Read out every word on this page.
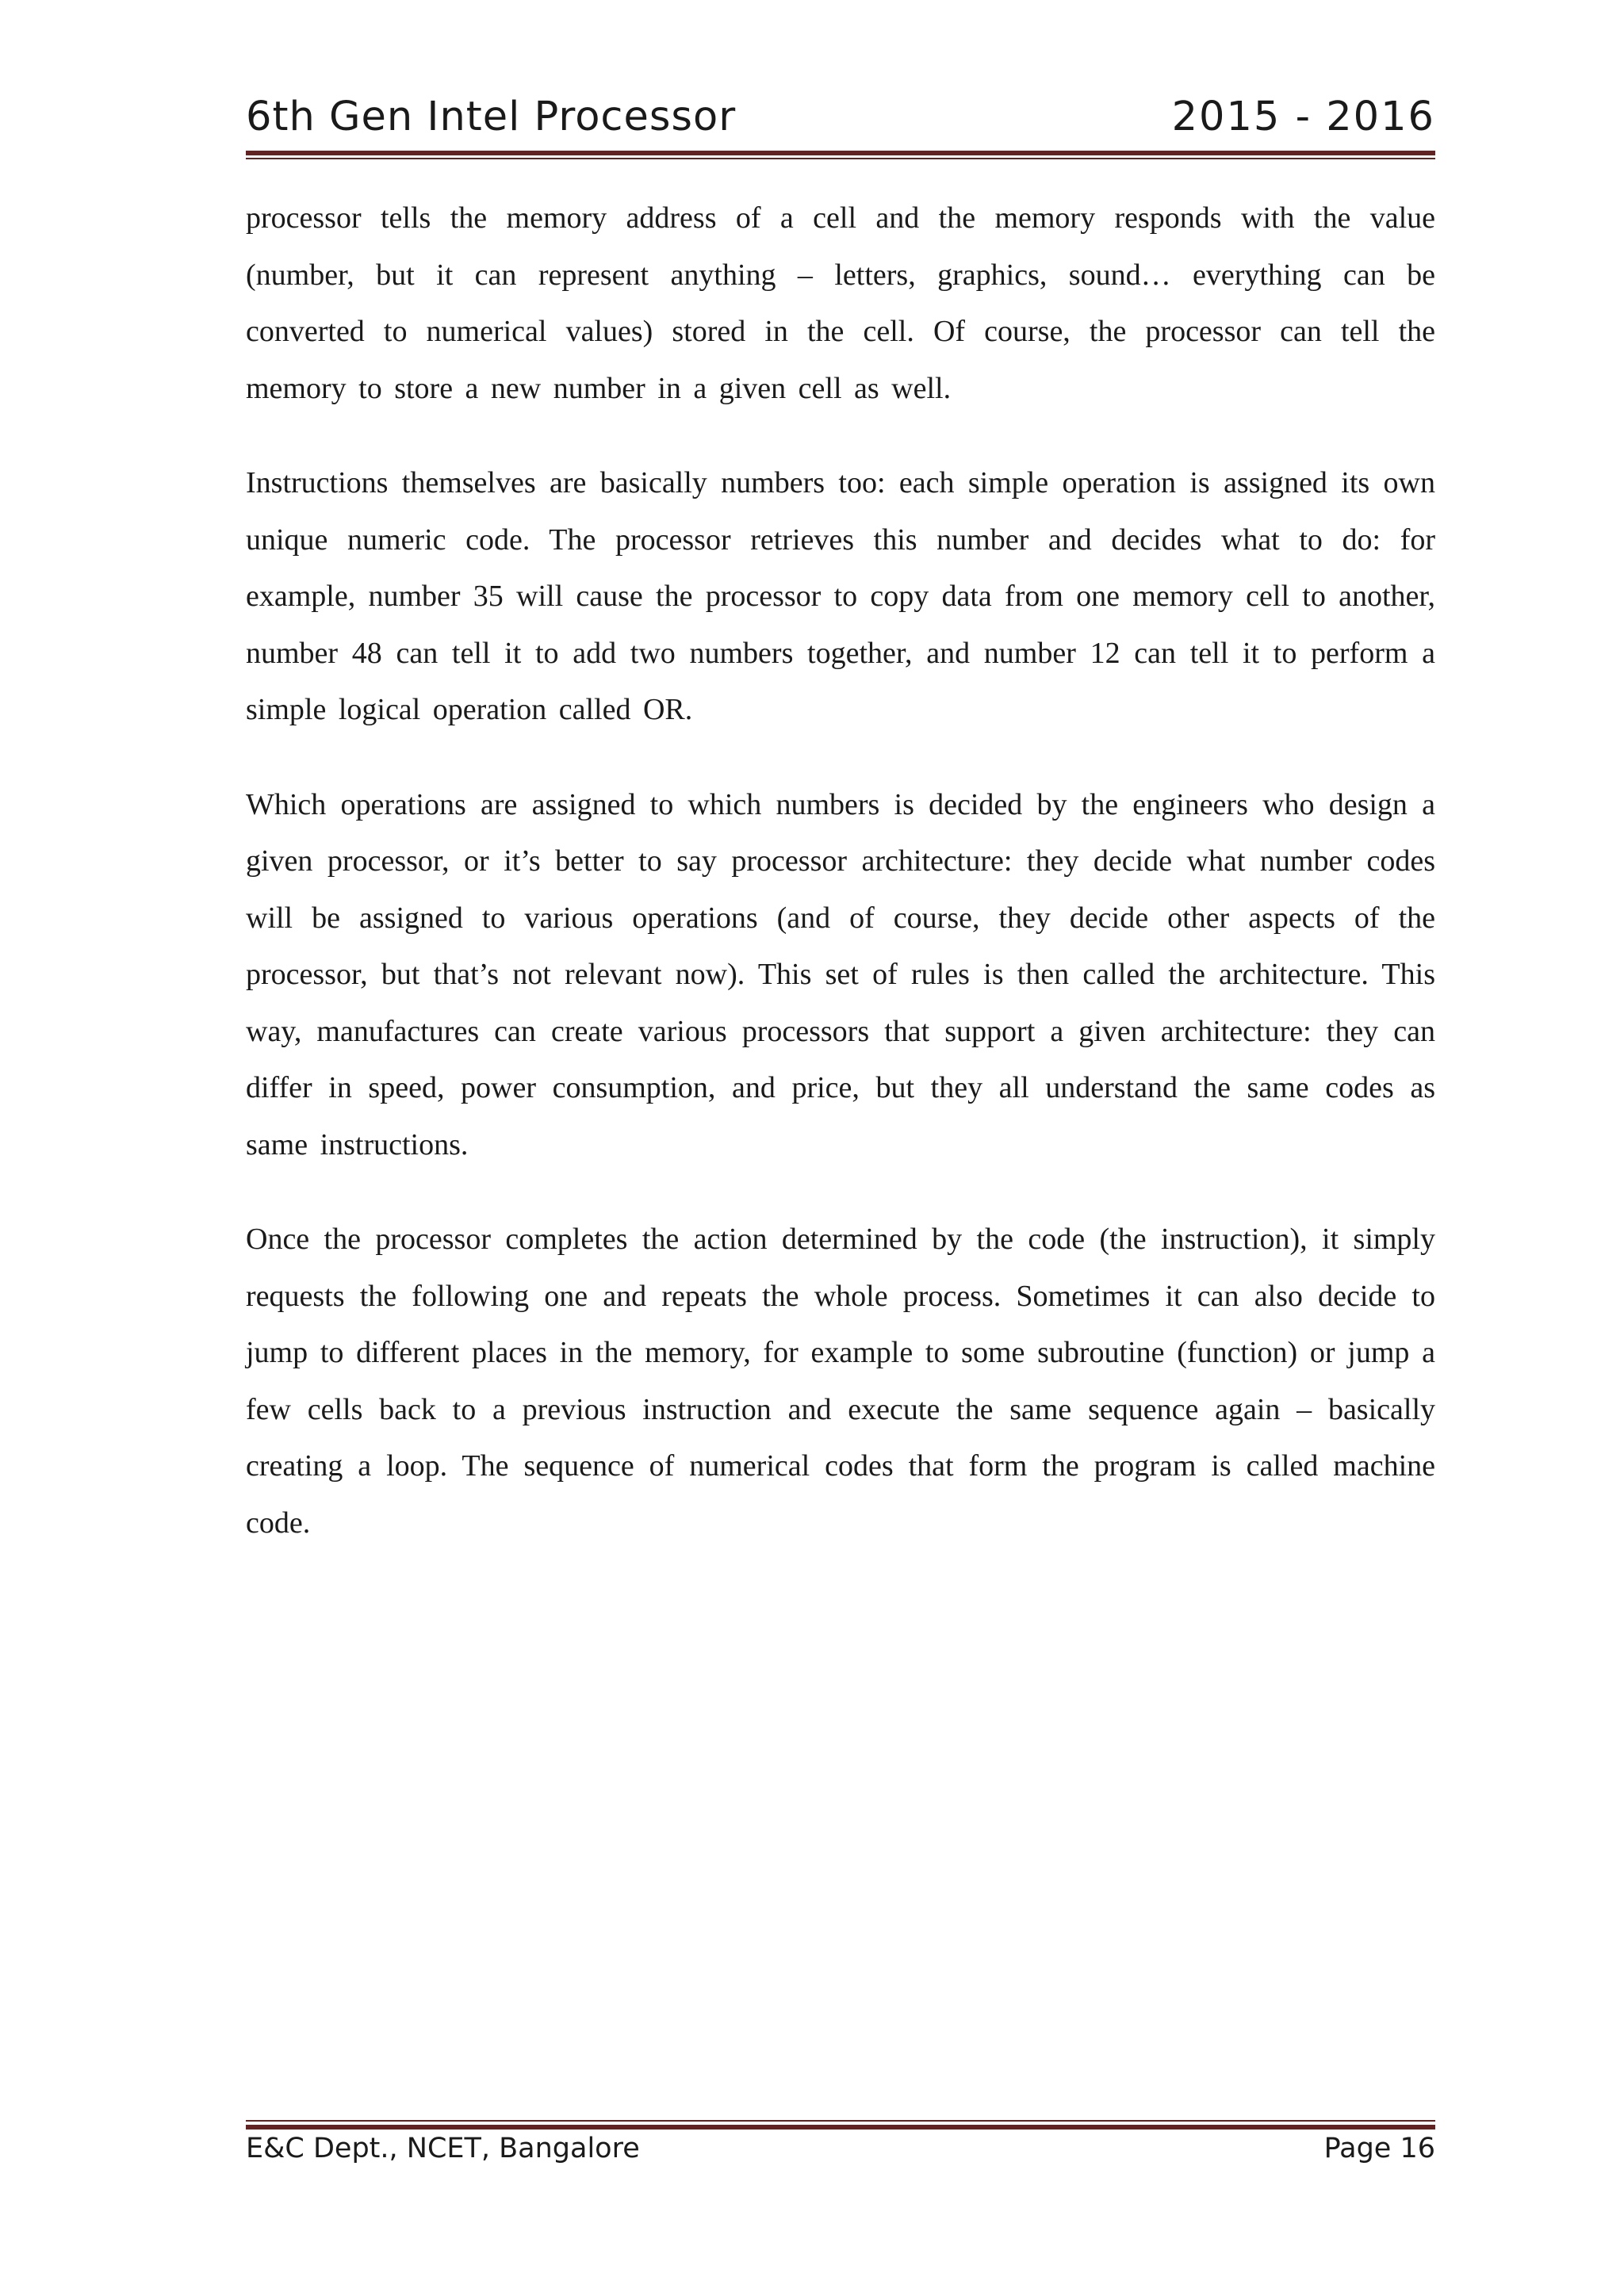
6th Gen Intel Processor	2015 - 2016

processor tells the memory address of a cell and the memory responds with the value (number, but it can represent anything – letters, graphics, sound… everything can be converted to numerical values) stored in the cell. Of course, the processor can tell the memory to store a new number in a given cell as well.

Instructions themselves are basically numbers too: each simple operation is assigned its own unique numeric code. The processor retrieves this number and decides what to do: for example, number 35 will cause the processor to copy data from one memory cell to another, number 48 can tell it to add two numbers together, and number 12 can tell it to perform a simple logical operation called OR.

Which operations are assigned to which numbers is decided by the engineers who design a given processor, or it’s better to say processor architecture: they decide what number codes will be assigned to various operations (and of course, they decide other aspects of the processor, but that’s not relevant now). This set of rules is then called the architecture. This way, manufactures can create various processors that support a given architecture: they can differ in speed, power consumption, and price, but they all understand the same codes as same instructions.

Once the processor completes the action determined by the code (the instruction), it simply requests the following one and repeats the whole process. Sometimes it can also decide to jump to different places in the memory, for example to some subroutine (function) or jump a few cells back to a previous instruction and execute the same sequence again – basically creating a loop. The sequence of numerical codes that form the program is called machine code.

E&C Dept., NCET, Bangalore	Page 16
